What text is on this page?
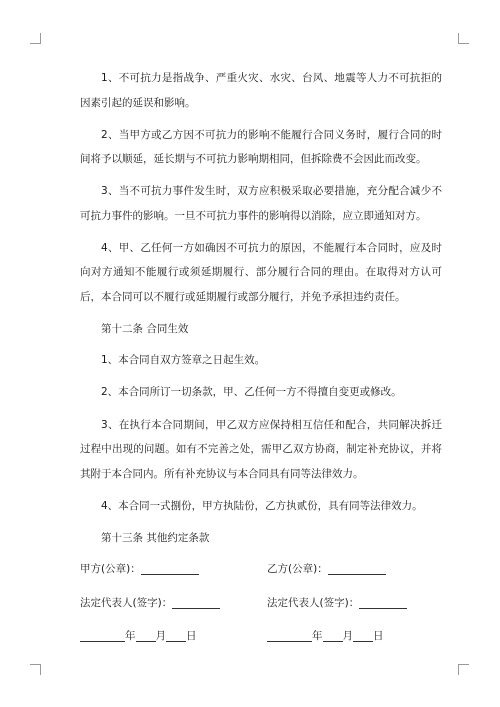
1、不可抗力是指战争、严重火灾、水灾、台风、地震等人力不可抗拒的因素引起的延误和影响。

2、当甲方或乙方因不可抗力的影响不能履行合同义务时，履行合同的时间将予以顺延，延长期与不可抗力影响期相同，但拆除费不会因此而改变。

3、当不可抗力事件发生时，双方应积极采取必要措施，充分配合减少不可抗力事件的影响。一旦不可抗力事件的影响得以消除，应立即通知对方。

4、甲、乙任何一方如确因不可抗力的原因，不能履行本合同时，应及时向对方通知不能履行或须延期履行、部分履行合同的理由。在取得对方认可后，本合同可以不履行或延期履行或部分履行，并免予承担违约责任。

第十二条 合同生效

1、本合同自双方签章之日起生效。

2、本合同所订一切条款，甲、乙任何一方不得擅自变更或修改。

3、在执行本合同期间，甲乙双方应保持相互信任和配合，共同解决拆迁过程中出现的问题。如有不完善之处，需甲乙双方协商，制定补充协议，并将其附于本合同内。所有补充协议与本合同具有同等法律效力。

4、本合同一式捌份，甲方执陆份，乙方执贰份，具有同等法律效力。

第十三条 其他约定条款

甲方(公章)：	乙方(公章)：
法定代表人(签字)：	法定代表人(签字)：
年 月 日	年 月 日
